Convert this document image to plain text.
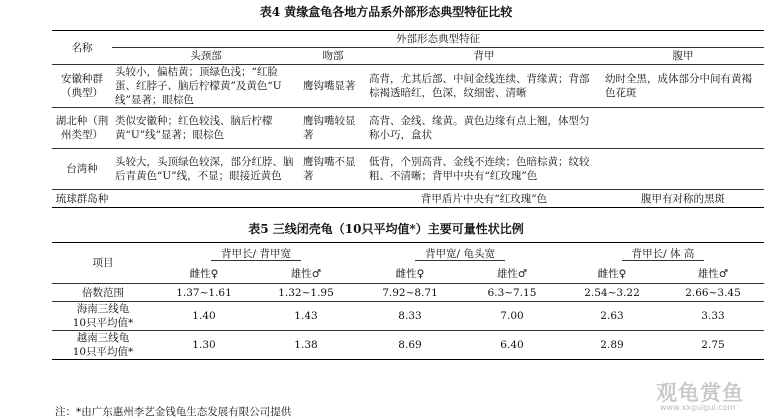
表4 黄缘盒龟各地方品系外部形态典型特征比较
名称	外部形态典型特征			
	头颈部	吻部	背甲	腹甲
安徽种群（典型）	头较小，偏桔黄；顶绿色浅；“红脸蛋、红脖子、脑后柠檬黄”及黄色“U线”显著；眼棕色	鹰钩嘴显著	高背，尤其后部、中间金线连续、背缘黄；背部棕褐透暗红，色深，纹细密、清晰	幼时全黑，成体部分中间有黄褐色花斑
湖北种（荆州类型）	类似安徽种；红色较浅、脑后柠檬黄“U”线”显著；眼棕色	鹰钩嘴较显著	高背、金线、缘黄。黄色边缘有点上翘，体型匀称小巧，盒状	
台湾种	头较大，头顶绿色较深，部分红脖、脑后青黄色“U”线，不显；眼接近黄色	鹰钩嘴不显著	低背，个别高背、金线不连续；色暗棕黄；纹较粗、不清晰；背甲中央有“红玫瑰”色	
琉球群岛种			背甲盾片中央有“红玫瑰”色	腹甲有对称的黑斑
表5 三线闭壳龟（10只平均值*）主要可量性状比例
项目	背甲长/ 背甲宽		背甲宽/ 龟头宽		背甲长/ 体 高	
	雌性♀	雄性♂	雌性♀	雄性♂	雌性♀	雄性♂
倍数范围	1.37~1.61	1.32~1.95	7.92~8.71	6.3~7.15	2.54~3.22	2.66~3.45
海南三线龟
10只平均值*	1.40	1.43	8.33	7.00	2.63	3.33
越南三线龟
10只平均值*	1.30	1.38	8.69	6.40	2.89	2.75
注：*由广东惠州李艺金钱龟生态发展有限公司提供
观龟赏鱼
www.xxguigui.com
